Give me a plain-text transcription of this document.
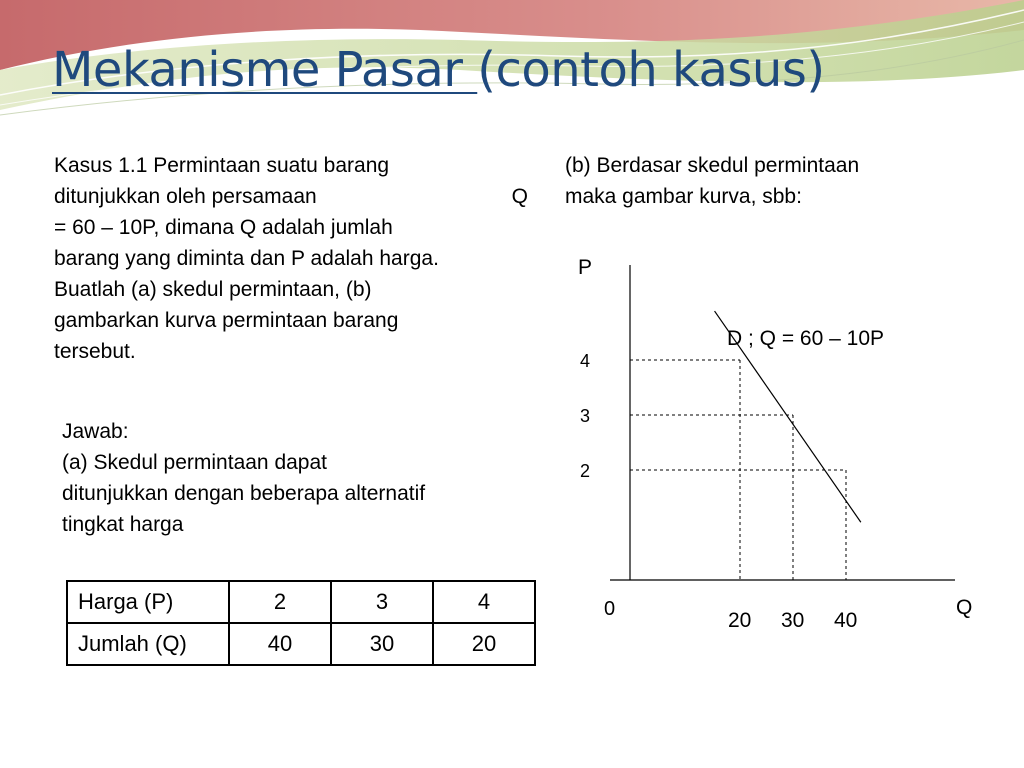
Mekanisme Pasar (contoh kasus)
Kasus 1.1 Permintaan suatu barang
ditunjukkan oleh persamaan	Q
= 60 – 10P, dimana Q adalah jumlah
barang yang diminta dan P adalah harga.
Buatlah (a) skedul permintaan, (b)
gambarkan kurva permintaan barang
tersebut.
(b) Berdasar skedul permintaan
maka gambar kurva, sbb:
Jawab:
(a) Skedul permintaan dapat
ditunjukkan dengan beberapa alternatif
tingkat harga
Harga (P)	2	3	4
Jumlah (Q)	40	30	20
P
Q
0
4
20
3
30
2
40
D ; Q = 60 – 10P
